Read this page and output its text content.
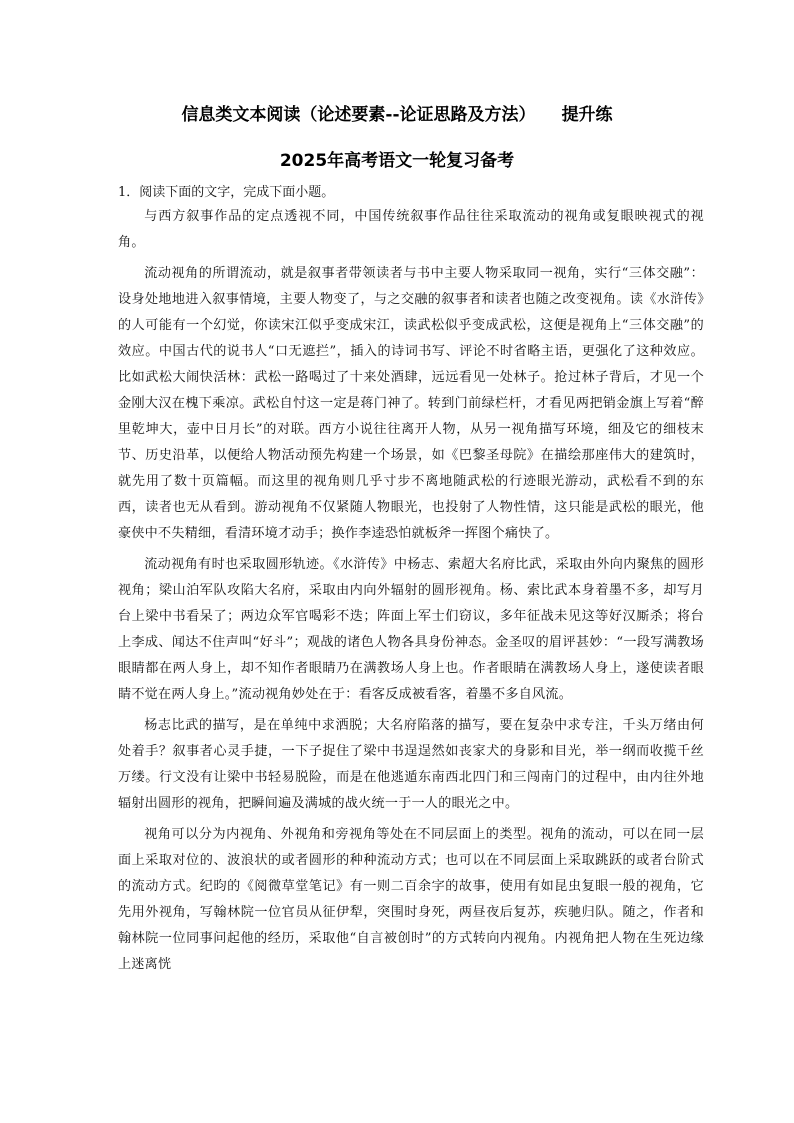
信息类文本阅读（论述要素--论证思路及方法） 提升练
2025年高考语文一轮复习备考
1．阅读下面的文字，完成下面小题。

与西方叙事作品的定点透视不同，中国传统叙事作品往往采取流动的视角或复眼映视式的视角。

流动视角的所谓流动，就是叙事者带领读者与书中主要人物采取同一视角，实行“三体交融”：设身处地地进入叙事情境，主要人物变了，与之交融的叙事者和读者也随之改变视角。读《水浒传》的人可能有一个幻觉，你读宋江似乎变成宋江，读武松似乎变成武松，这便是视角上“三体交融”的效应。中国古代的说书人“口无遮拦”，插入的诗词书写、评论不时省略主语，更强化了这种效应。比如武松大闹快活林：武松一路喝过了十来处酒肆，远远看见一处林子。抢过林子背后，才见一个金刚大汉在槐下乘凉。武松自忖这一定是蒋门神了。转到门前绿栏杆，才看见两把销金旗上写着“醉里乾坤大，壶中日月长”的对联。西方小说往往离开人物，从另一视角描写环境，细及它的细枝末节、历史沿革，以便给人物活动预先构建一个场景，如《巴黎圣母院》在描绘那座伟大的建筑时，就先用了数十页篇幅。而这里的视角则几乎寸步不离地随武松的行迹眼光游动，武松看不到的东西，读者也无从看到。游动视角不仅紧随人物眼光，也投射了人物性情，这只能是武松的眼光，他豪侠中不失精细，看清环境才动手；换作李逵恐怕就板斧一挥图个痛快了。

流动视角有时也采取圆形轨迹。《水浒传》中杨志、索超大名府比武，采取由外向内聚焦的圆形视角；梁山泊军队攻陷大名府，采取由内向外辐射的圆形视角。杨、索比武本身着墨不多，却写月台上梁中书看呆了；两边众军官喝彩不迭；阵面上军士们窃议，多年征战未见这等好汉厮杀；将台上李成、闻达不住声叫“好斗”；观战的诸色人物各具身份神态。金圣叹的眉评甚妙：“一段写满教场眼睛都在两人身上，却不知作者眼睛乃在满教场人身上也。作者眼睛在满教场人身上，遂使读者眼睛不觉在两人身上。”流动视角妙处在于：看客反成被看客，着墨不多自风流。

杨志比武的描写，是在单纯中求洒脱；大名府陷落的描写，要在复杂中求专注，千头万绪由何处着手？叙事者心灵手捷，一下子捉住了梁中书逞逞然如丧家犬的身影和目光，举一纲而收揽千丝万缕。行文没有让梁中书轻易脱险，而是在他逃遁东南西北四门和三闯南门的过程中，由内往外地辐射出圆形的视角，把瞬间遍及满城的战火统一于一人的眼光之中。

视角可以分为内视角、外视角和旁视角等处在不同层面上的类型。视角的流动，可以在同一层面上采取对位的、波浪状的或者圆形的种种流动方式；也可以在不同层面上采取跳跃的或者台阶式的流动方式。纪昀的《阅微草堂笔记》有一则二百余字的故事，使用有如昆虫复眼一般的视角，它先用外视角，写翰林院一位官员从征伊犁，突围时身死，两昼夜后复苏，疾驰归队。随之，作者和翰林院一位同事问起他的经历，采取他“自言被创时”的方式转向内视角。内视角把人物在生死边缘上迷离恍
